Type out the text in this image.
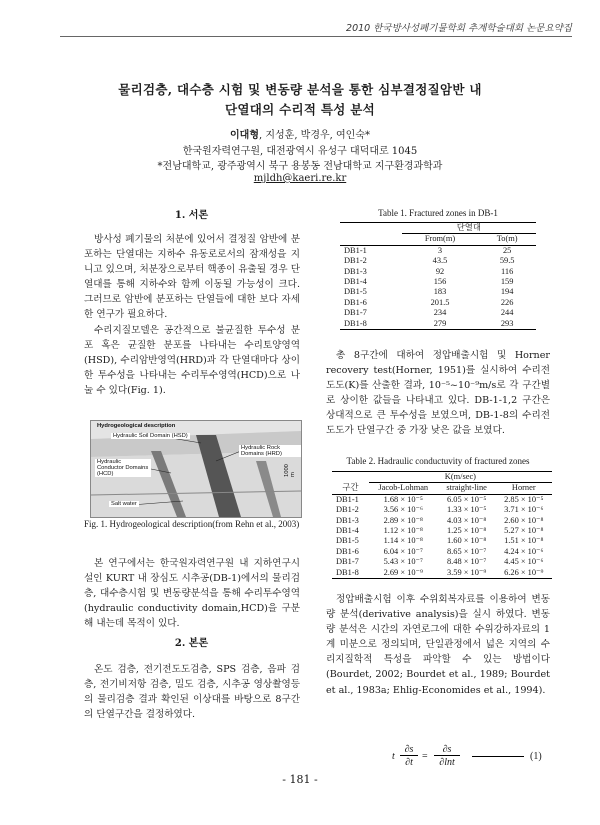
2010 한국방사성폐기물학회 추계학술대회 논문요약집
물리검층, 대수층 시험 및 변동량 분석을 통한 심부결정질암반 내
단열대의 수리적 특성 분석
이대형, 지성훈, 박경우, 여인숙*
한국원자력연구원, 대전광역시 유성구 대덕대로 1045
*전남대학교, 광주광역시 북구 용봉동 전남대학교 지구환경과학과
mjldh@kaeri.re.kr
1. 서론

방사성 폐기물의 처분에 있어서 결정질 암반에 분포하는 단열대는 지하수 유동로로서의 잠재성을 지니고 있으며, 처분장으로부터 핵종이 유출될 경우 단열대를 통해 지하수와 함께 이동될 가능성이 크다. 그러므로 암반에 분포하는 단열들에 대한 보다 자세한 연구가 필요하다.

수리지질모델은 공간적으로 불균질한 투수성 분포 혹은 균질한 분포를 나타내는 수리토양영역(HSD), 수리암반영역(HRD)과 각 단열대마다 상이한 투수성을 나타내는 수리투수영역(HCD)으로 나눌 수 있다(Fig. 1).

Hydrogeological description
Hydraulic Soil Domain (HSD)
Hydraulic Conductor Domains (HCD)
Hydraulic Rock Domains (HRD)
Salt water
1000 m
Fig. 1. Hydrogeological description(from Rehn et al., 2003)

본 연구에서는 한국원자력연구원 내 지하연구시설인 KURT 내 장심도 시추공(DB-1)에서의 물리검층, 대수층시험 및 변동량분석을 통해 수리투수영역(hydraulic conductivity domain,HCD)을 구분해 내는데 목적이 있다.

2. 본론

온도 검층, 전기전도도검층, SPS 검층, 음파 검층, 전기비저항 검층, 밀도 검층, 시추공 영상촬영등의 물리검층 결과 확인된 이상대를 바탕으로 8구간의 단열구간을 결정하였다.

Table 1. Fractured zones in DB-1
	단열대	
	From(m)	To(m)
DB1-1	3	25
DB1-2	43.5	59.5
DB1-3	92	116
DB1-4	156	159
DB1-5	183	194
DB1-6	201.5	226
DB1-7	234	244
DB1-8	279	293

총 8구간에 대하여 정압배출시험 및 Horner recovery test(Horner, 1951)를 실시하여 수리전도도(K)를 산출한 결과, 10⁻⁵~10⁻⁹m/s로 각 구간별로 상이한 값들을 나타내고 있다. DB-1-1,2 구간은 상대적으로 큰 투수성을 보였으며, DB-1-8의 수리전도도가 단열구간 중 가장 낮은 값을 보였다.

Table 2. Hadraulic conductuvity of fractured zones
	K(m/sec)		
구간	Jacob-Lohman	straight-line	Horner
DB1-1	1.68 × 10⁻⁵	6.05 × 10⁻⁵	2.85 × 10⁻⁵
DB1-2	3.56 × 10⁻⁶	1.33 × 10⁻⁵	3.71 × 10⁻⁶
DB1-3	2.89 × 10⁻⁸	4.03 × 10⁻⁸	2.60 × 10⁻⁸
DB1-4	1.12 × 10⁻⁸	1.25 × 10⁻⁸	5.27 × 10⁻⁸
DB1-5	1.14 × 10⁻⁸	1.60 × 10⁻⁸	1.51 × 10⁻⁸
DB1-6	6.04 × 10⁻⁷	8.65 × 10⁻⁷	4.24 × 10⁻⁶
DB1-7	5.43 × 10⁻⁷	8.48 × 10⁻⁷	4.45 × 10⁻⁶
DB1-8	2.69 × 10⁻⁹	3.59 × 10⁻⁹	6.26 × 10⁻⁹

정압배출시험 이후 수위회복자료를 이용하여 변동량 분석(derivative analysis)을 실시 하였다. 변동량 분석은 시간의 자연로그에 대한 수위강하자료의 1계 미분으로 정의되며, 단일관정에서 넓은 지역의 수리지질학적 특성을 파악할 수 있는 방법이다(Bourdet, 2002; Bourdet et al., 1989; Bourdet et al., 1983a; Ehlig-Economides et al., 1994).

t
∂s
∂t
=
∂s
∂lnt
(1)
- 181 -
